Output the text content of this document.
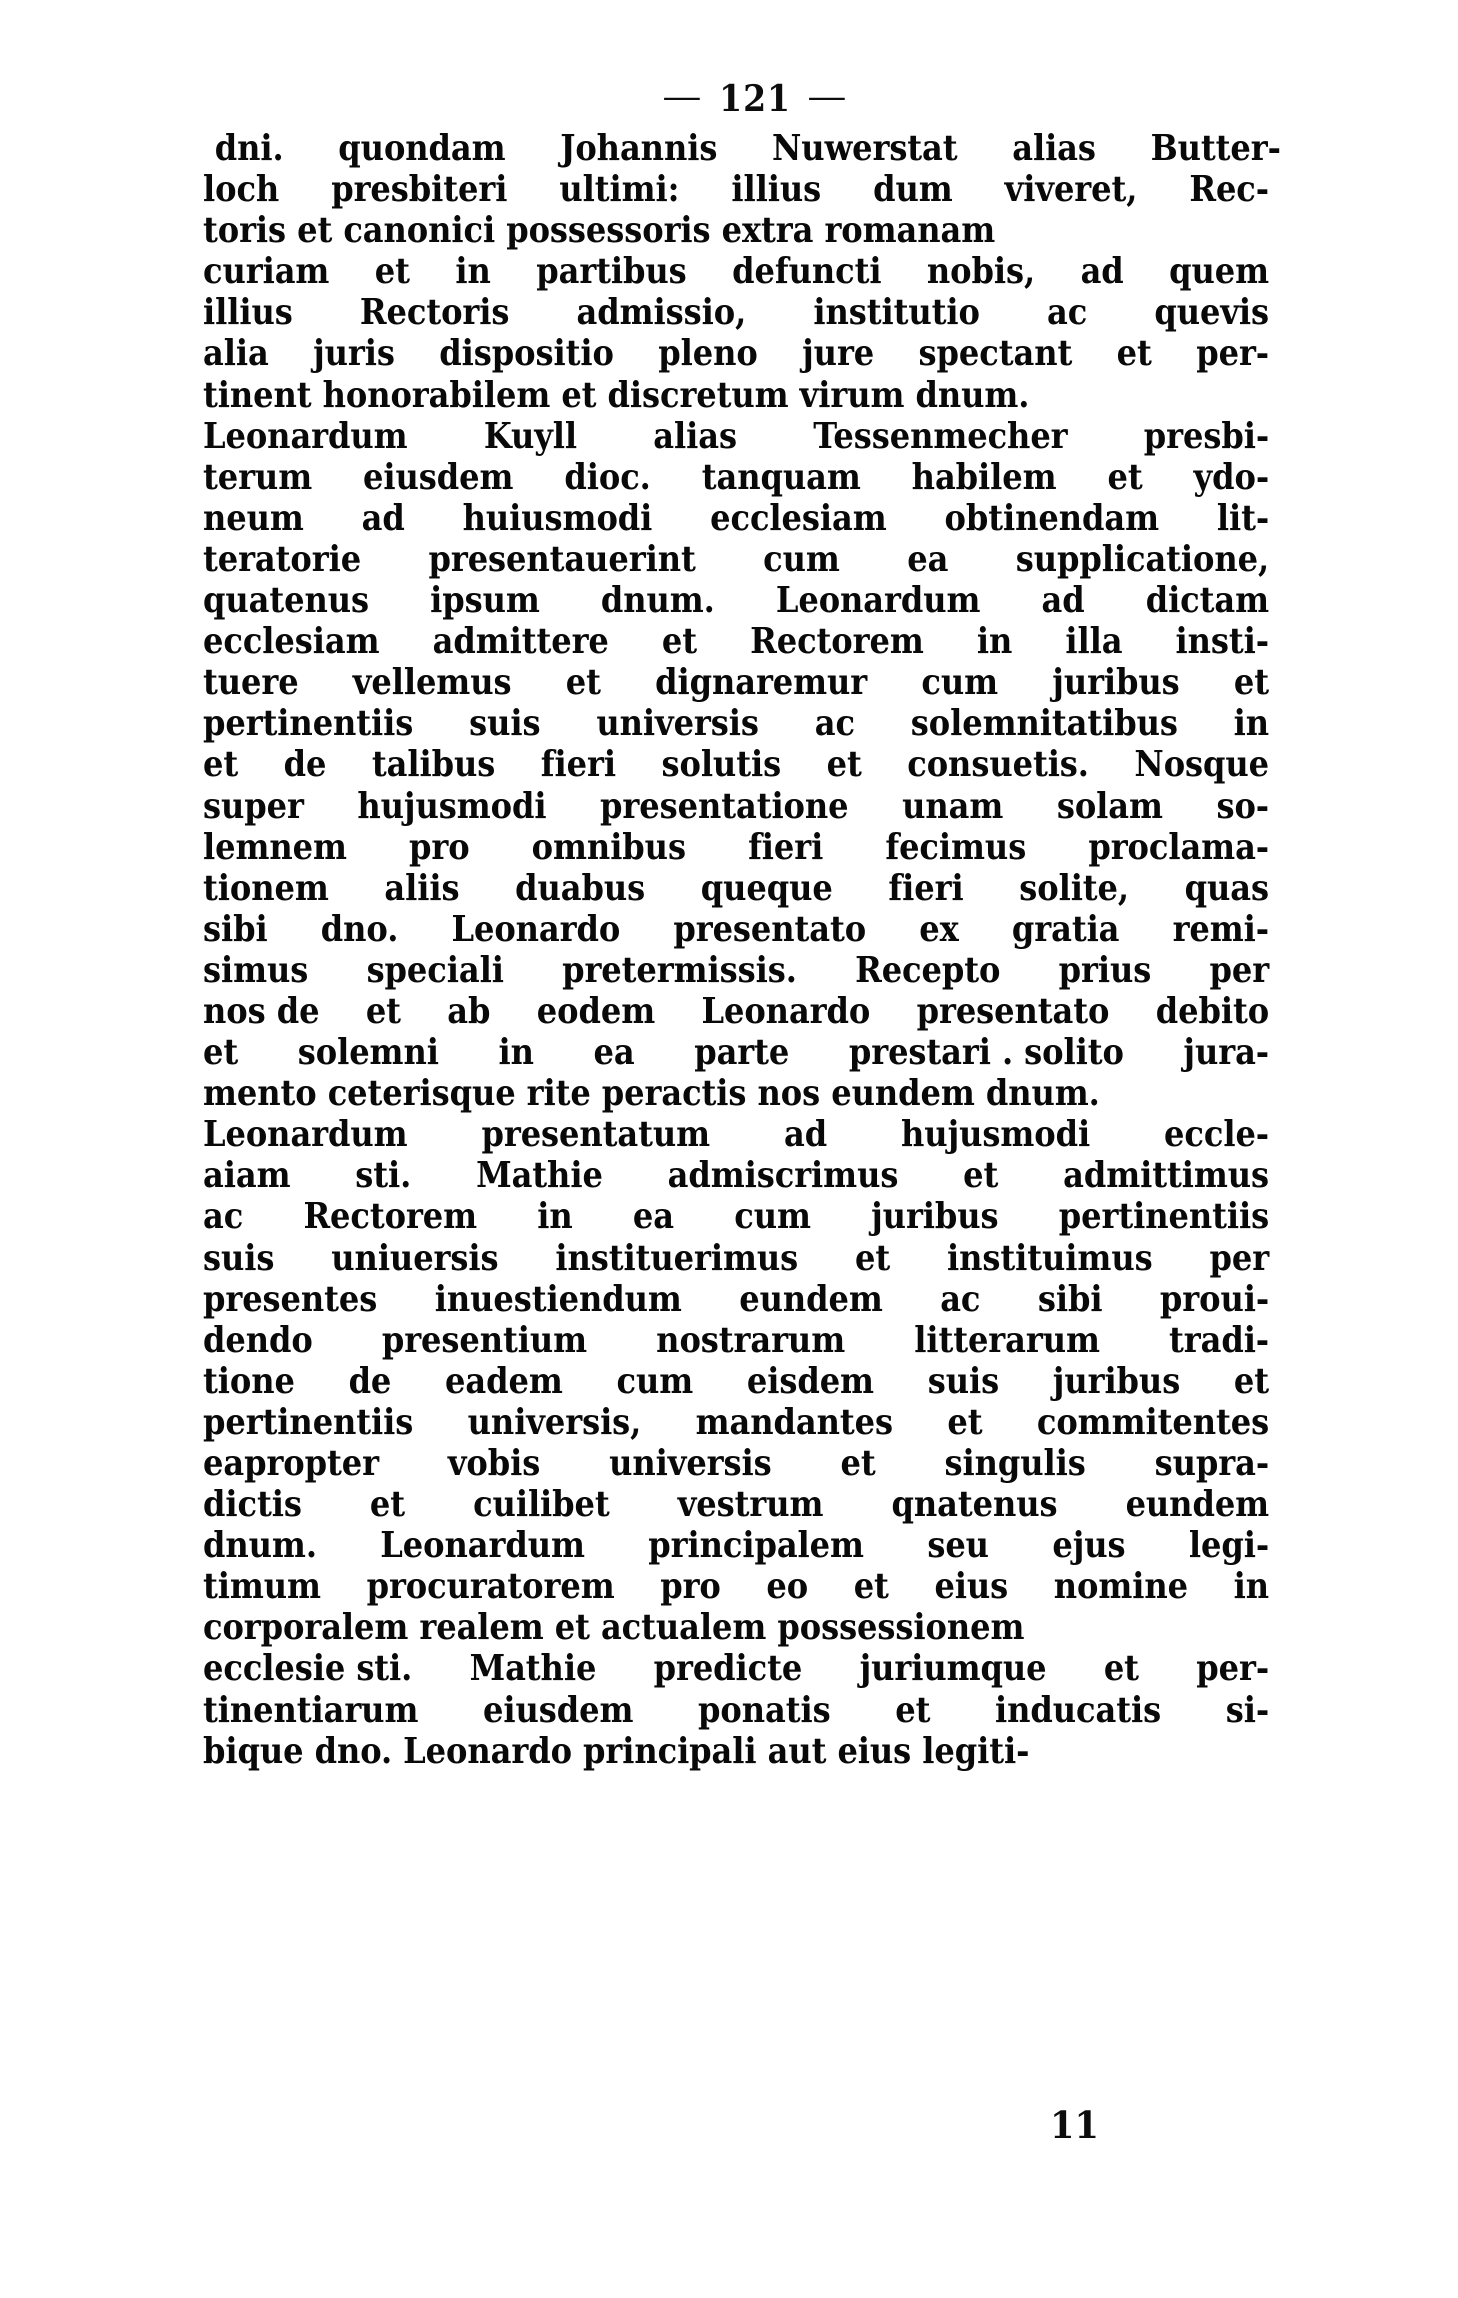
— 121 —

dni. quondam Johannis Nuwerstat alias Butter-
loch presbiteri ultimi: illius dum viveret, Rec-
toris et canonici possessoris extra romanam
curiam et in partibus defuncti nobis, ad quem
illius Rectoris admissio, institutio ac quevis
alia juris dispositio pleno jure spectant et per-
tinent honorabilem et discretum virum dnum.
Leonardum Kuyll alias Tessenmecher presbi-
terum eiusdem dioc. tanquam habilem et ydo-
neum ad huiusmodi ecclesiam obtinendam lit-
teratorie presentauerint cum ea supplicatione,
quatenus ipsum dnum. Leonardum ad dictam
ecclesiam admittere et Rectorem in illa insti-
tuere vellemus et dignaremur cum juribus et
pertinentiis suis universis ac solemnitatibus in
et de talibus fieri solutis et consuetis. Nosque
super hujusmodi presentatione unam solam so-
lemnem pro omnibus fieri fecimus proclama-
tionem aliis duabus queque fieri solite, quas
sibi dno. Leonardo presentato ex gratia remi-
simus speciali pretermissis. Recepto prius per
nos de et ab eodem Leonardo presentato debito
et solemni in ea parte prestari . solito jura-
mento ceterisque rite peractis nos eundem dnum.
Leonardum presentatum ad hujusmodi eccle-
aiam sti. Mathie admiscrimus et admittimus
ac Rectorem in ea cum juribus pertinentiis
suis uniuersis instituerimus et instituimus per
presentes inuestiendum eundem ac sibi proui-
dendo presentium nostrarum litterarum tradi-
tione de eadem cum eisdem suis juribus et
pertinentiis universis, mandantes et commitentes
eapropter vobis universis et singulis supra-
dictis et cuilibet vestrum qnatenus eundem
dnum. Leonardum principalem seu ejus legi-
timum procuratorem pro eo et eius nomine in
corporalem realem et actualem possessionem
ecclesie sti. Mathie predicte juriumque et per-
tinentiarum eiusdem ponatis et inducatis si-
bique dno. Leonardo principali aut eius legiti-
11
